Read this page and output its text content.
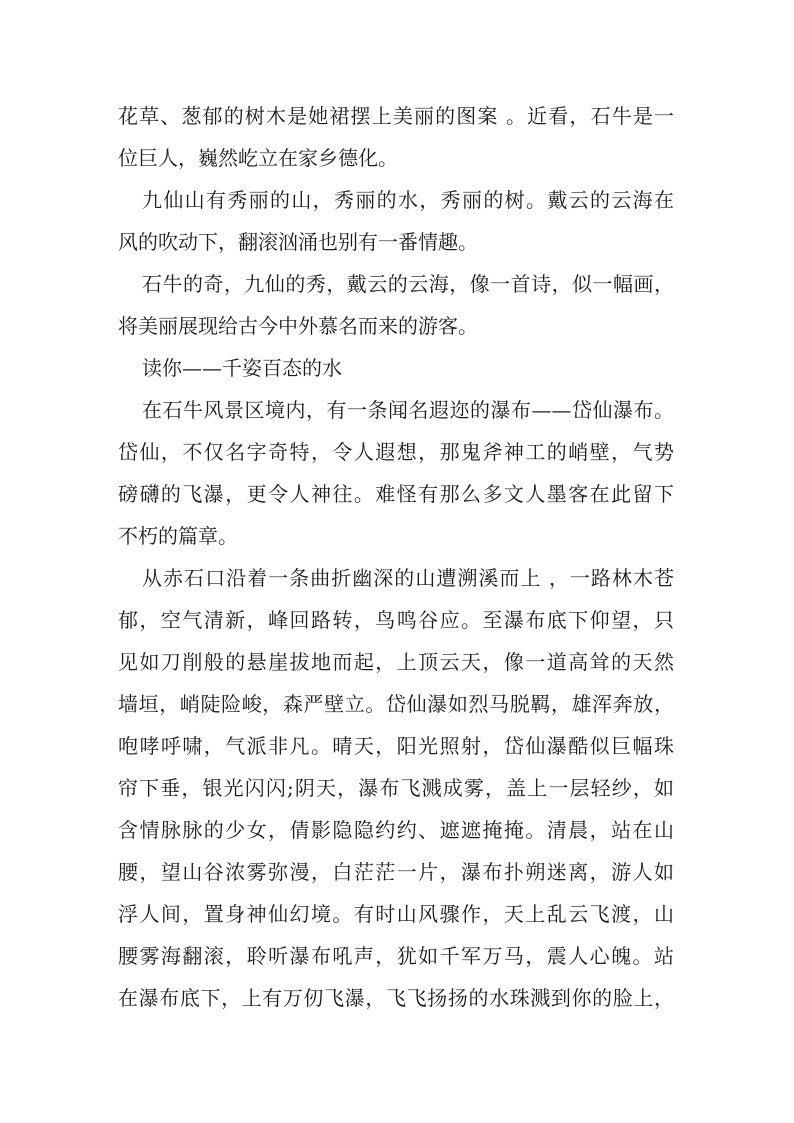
花草、葱郁的树木是她裙摆上美丽的图案 。近看，石牛是一
位巨人，巍然屹立在家乡德化。
九仙山有秀丽的山，秀丽的水，秀丽的树。戴云的云海在
风的吹动下，翻滚汹涌也别有一番情趣。
石牛的奇，九仙的秀，戴云的云海，像一首诗，似一幅画，
将美丽展现给古今中外慕名而来的游客。
读你——千姿百态的水
在石牛风景区境内，有一条闻名遐迩的瀑布——岱仙瀑布。
岱仙，不仅名字奇特，令人遐想，那鬼斧神工的峭壁，气势
磅礴的飞瀑，更令人神往。难怪有那么多文人墨客在此留下
不朽的篇章。
从赤石口沿着一条曲折幽深的山遭溯溪而上 ，一路林木苍
郁，空气清新，峰回路转，鸟鸣谷应。至瀑布底下仰望，只
见如刀削般的悬崖拔地而起，上顶云天，像一道高耸的天然
墙垣，峭陡险峻，森严壁立。岱仙瀑如烈马脱羁，雄浑奔放，
咆哮呼啸，气派非凡。晴天，阳光照射，岱仙瀑酷似巨幅珠
帘下垂，银光闪闪;阴天，瀑布飞溅成雾，盖上一层轻纱，如
含情脉脉的少女，倩影隐隐约约、遮遮掩掩。清晨，站在山
腰，望山谷浓雾弥漫，白茫茫一片，瀑布扑朔迷离，游人如
浮人间，置身神仙幻境。有时山风骤作，天上乱云飞渡，山
腰雾海翻滚，聆听瀑布吼声，犹如千军万马，震人心魄。站
在瀑布底下，上有万仞飞瀑，飞飞扬扬的水珠溅到你的脸上，
